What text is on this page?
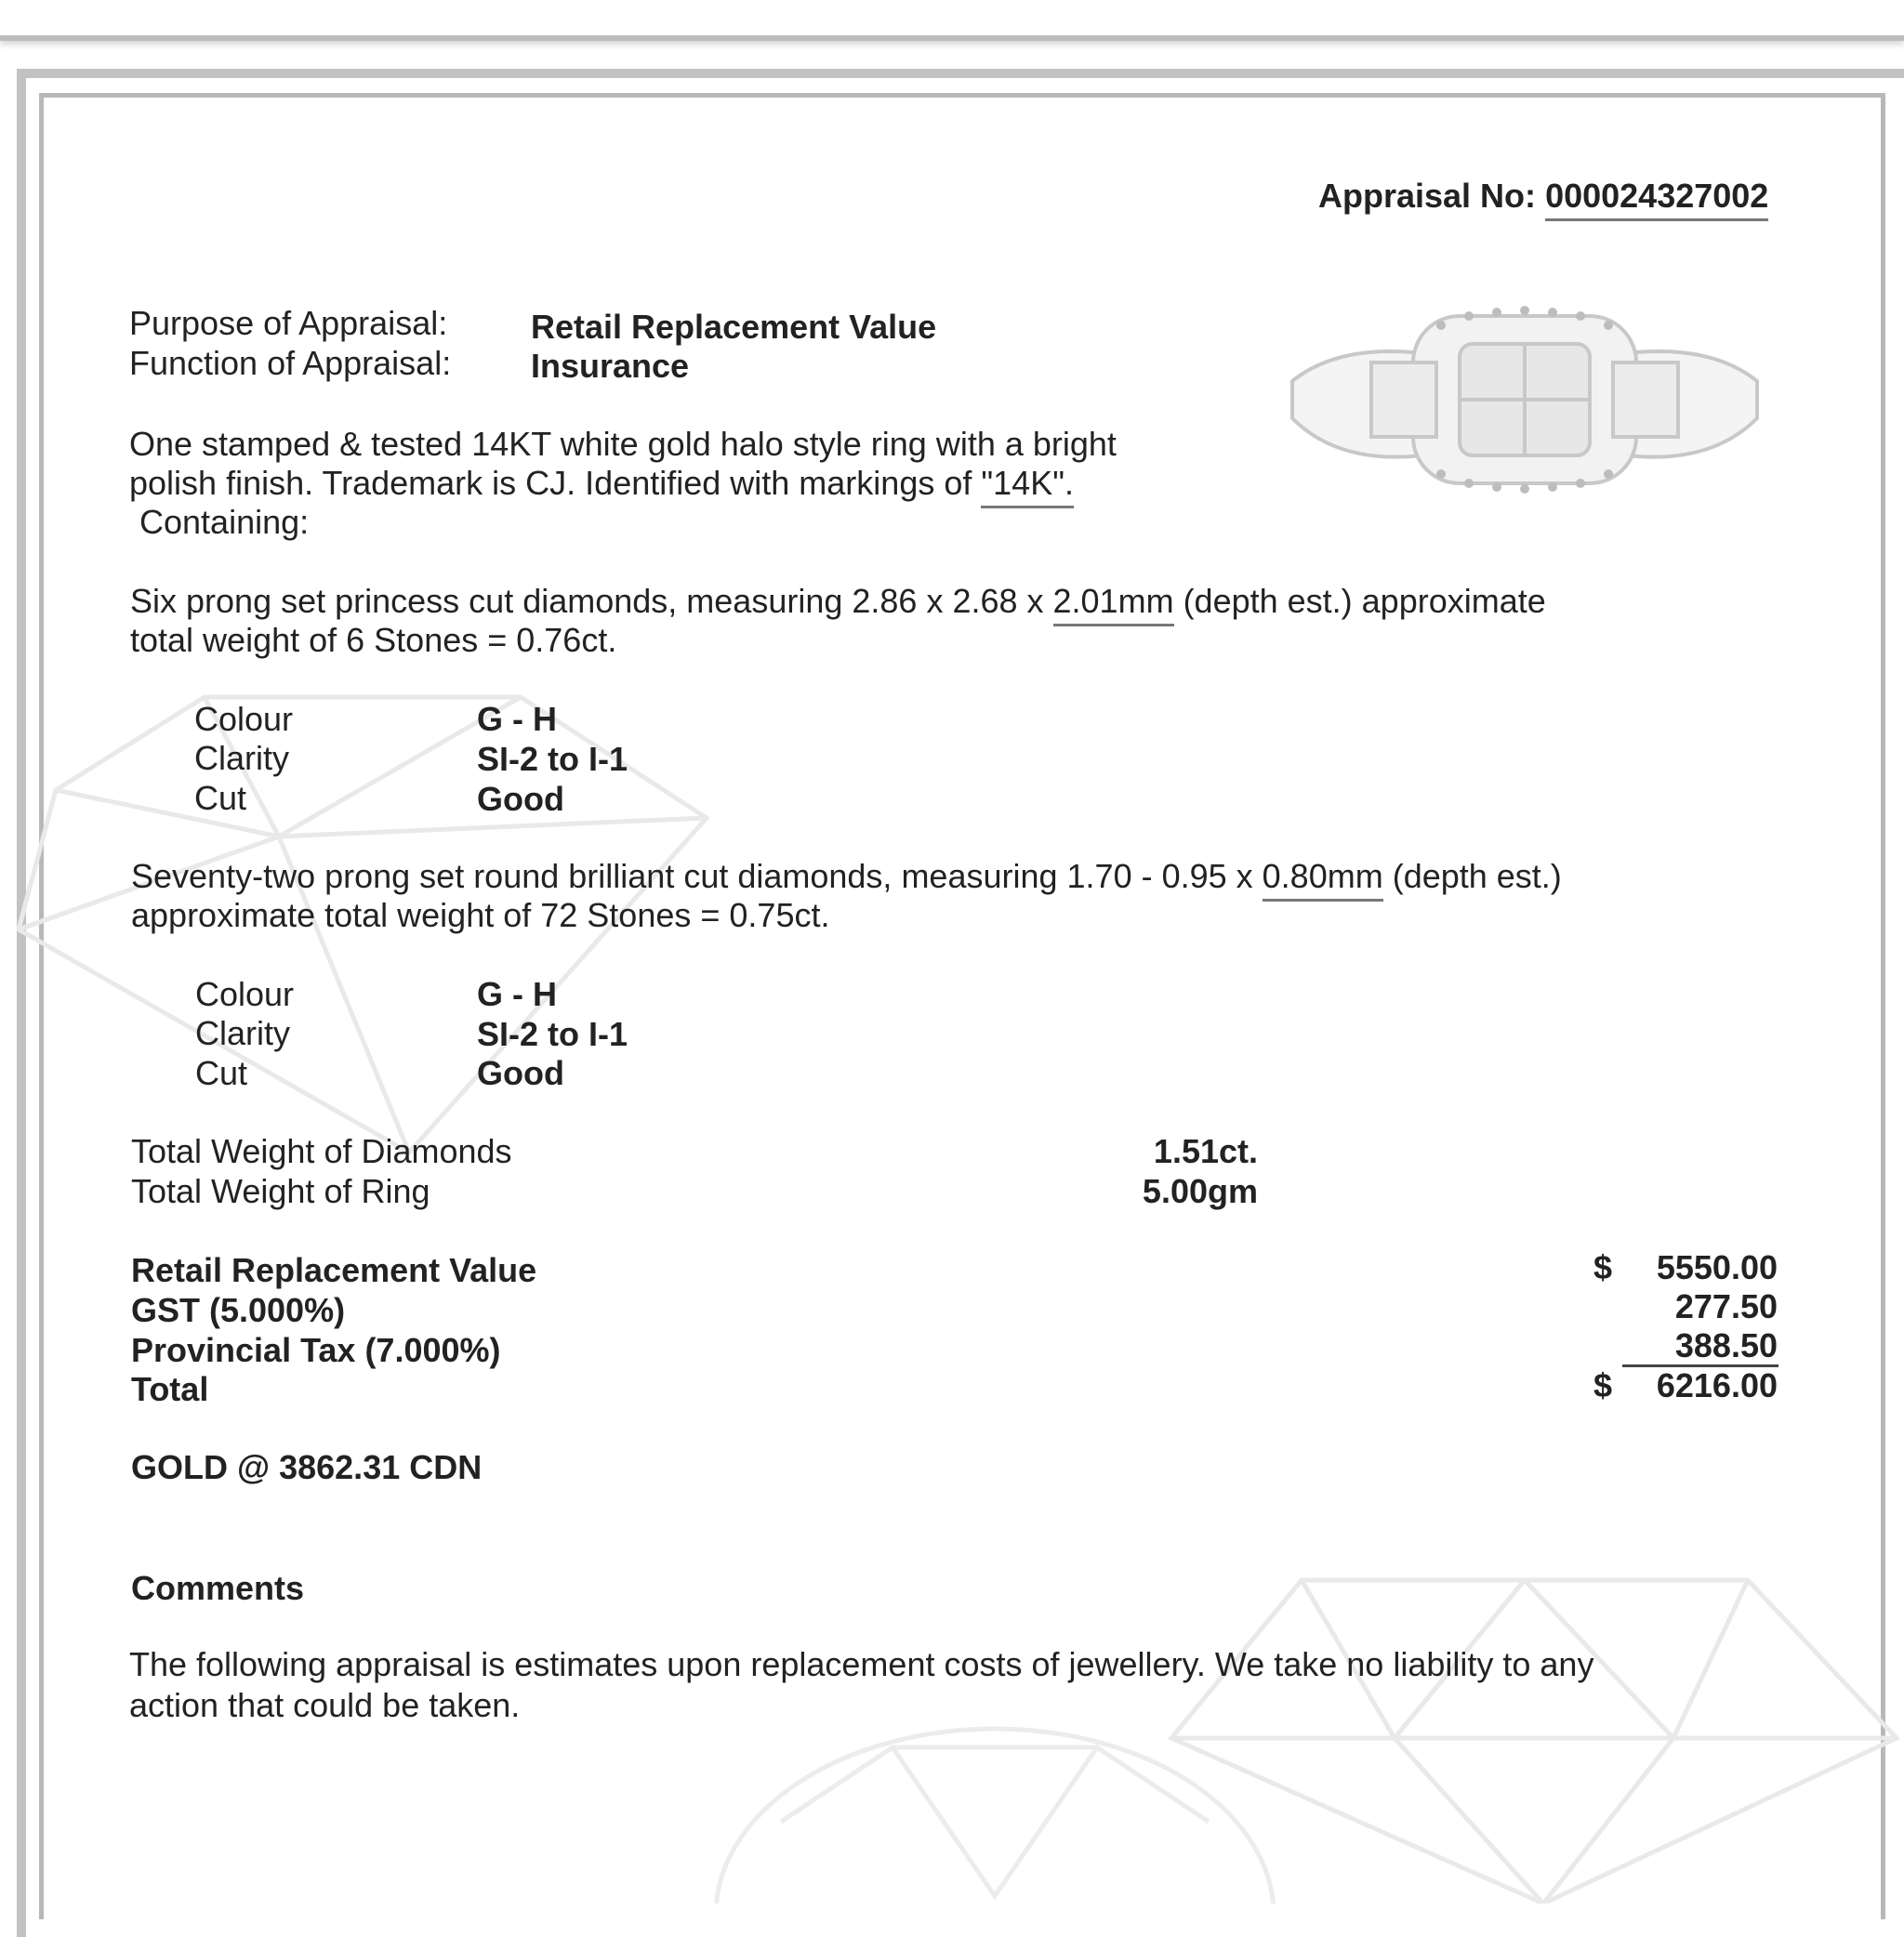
Appraisal No: 000024327002
Purpose of Appraisal: Retail Replacement Value
Function of Appraisal: Insurance
One stamped & tested 14KT white gold halo style ring with a bright
polish finish. Trademark is CJ. Identified with markings of "14K".
Containing:
Six prong set princess cut diamonds, measuring 2.86 x 2.68 x 2.01mm (depth est.) approximate
total weight of 6 Stones = 0.76ct.
Colour	G - H
Clarity	SI-2 to I-1
Cut	Good
Seventy-two prong set round brilliant cut diamonds, measuring 1.70 - 0.95 x 0.80mm (depth est.)
approximate total weight of 72 Stones = 0.75ct.
Colour	G - H
Clarity	SI-2 to I-1
Cut	Good
Total Weight of Diamonds	1.51ct.
Total Weight of Ring	5.00gm
Retail Replacement Value	$	5550.00
GST (5.000%)	277.50
Provincial Tax (7.000%)	388.50
Total	$	6216.00
GOLD @ 3862.31 CDN
Comments
The following appraisal is estimates upon replacement costs of jewellery. We take no liability to any
action that could be taken.
